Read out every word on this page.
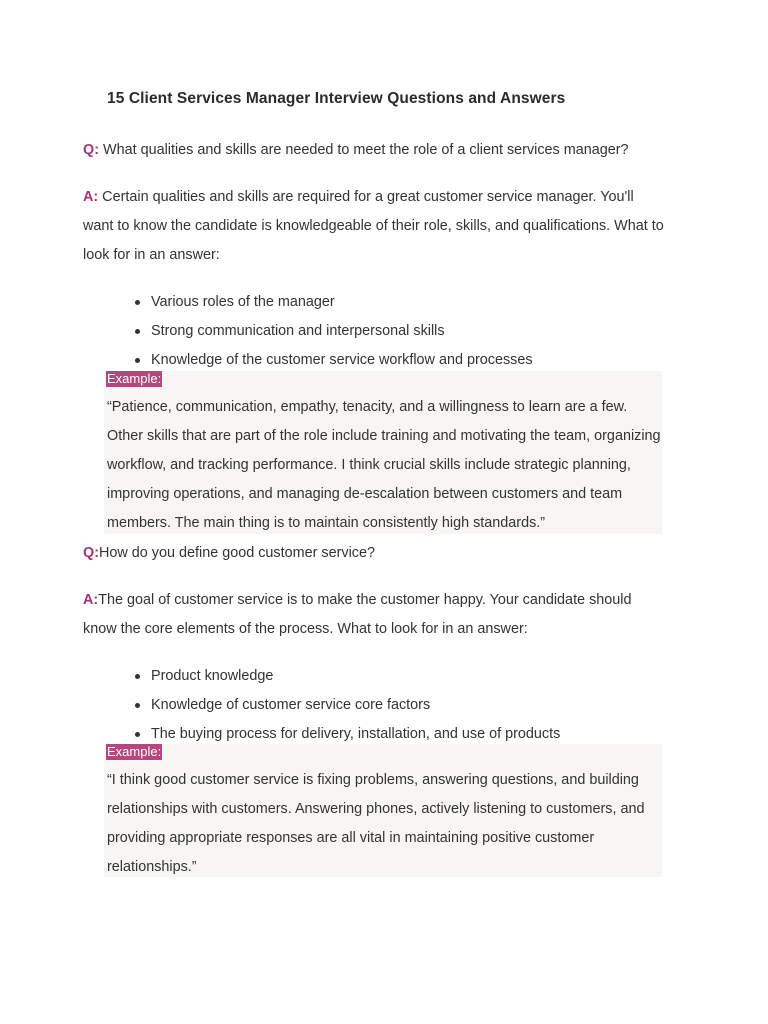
15 Client Services Manager Interview Questions and Answers

Q: What qualities and skills are needed to meet the role of a client services manager?

A: Certain qualities and skills are required for a great customer service manager. You'll want to know the candidate is knowledgeable of their role, skills, and qualifications. What to look for in an answer:

Various roles of the manager
Strong communication and interpersonal skills
Knowledge of the customer service workflow and processes
Example:

“Patience, communication, empathy, tenacity, and a willingness to learn are a few. Other skills that are part of the role include training and motivating the team, organizing workflow, and tracking performance. I think crucial skills include strategic planning, improving operations, and managing de-escalation between customers and team members. The main thing is to maintain consistently high standards.”

Q:How do you define good customer service?

A:The goal of customer service is to make the customer happy. Your candidate should know the core elements of the process. What to look for in an answer:

Product knowledge
Knowledge of customer service core factors
The buying process for delivery, installation, and use of products
Example:

“I think good customer service is fixing problems, answering questions, and building relationships with customers. Answering phones, actively listening to customers, and providing appropriate responses are all vital in maintaining positive customer relationships.”
